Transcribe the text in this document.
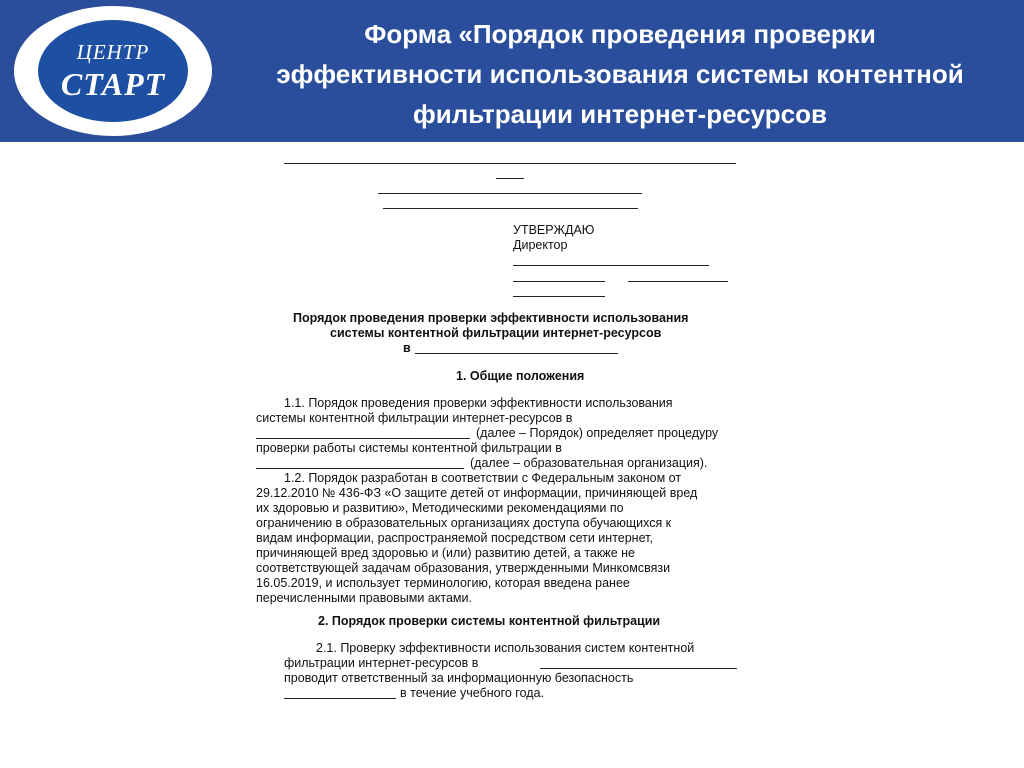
ЦЕНТР
СТАРТ
Форма «Порядок проведения проверки
эффективности использования системы контентной
фильтрации интернет-ресурсов
УТВЕРЖДАЮ
Директор
Порядок проведения проверки эффективности использования
системы контентной фильтрации интернет-ресурсов
в
1. Общие положения
1.1. Порядок проведения проверки эффективности использования
системы контентной фильтрации интернет-ресурсов в
(далее – Порядок) определяет процедуру
проверки работы системы контентной фильтрации в
(далее – образовательная организация).
1.2. Порядок разработан в соответствии с Федеральным законом от
29.12.2010 № 436-ФЗ «О защите детей от информации, причиняющей вред
их здоровью и развитию», Методическими рекомендациями по
ограничению в образовательных организациях доступа обучающихся к
видам информации, распространяемой посредством сети интернет,
причиняющей вред здоровью и (или) развитию детей, а также не
соответствующей задачам образования, утвержденными Минкомсвязи
16.05.2019, и использует терминологию, которая введена ранее
перечисленными правовыми актами.
2. Порядок проверки системы контентной фильтрации
2.1. Проверку эффективности использования систем контентной
фильтрации интернет-ресурсов в
проводит ответственный за информационную безопасность
в течение учебного года.
